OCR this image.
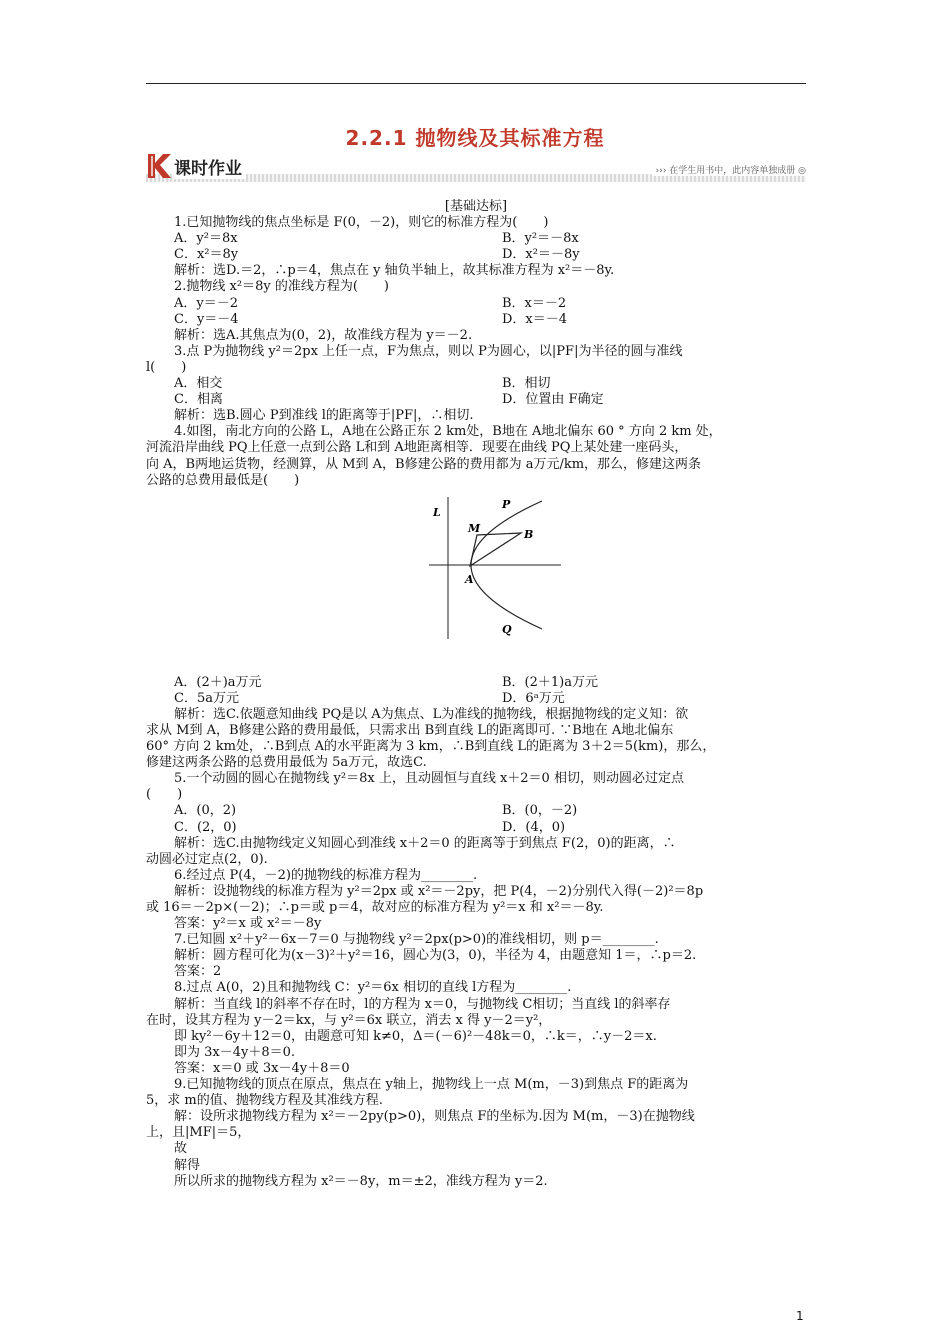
2.2.1 抛物线及其标准方程
课时作业	››› 在学生用书中，此内容单独成册 ◎
[基础达标]
1.已知抛物线的焦点坐标是 F(0，－2)，则它的标准方程为(　　)
A．y²＝8x	B．y²＝－8x
C．x²＝8y	D．x²＝－8y
解析：选D.＝2，∴p＝4，焦点在 y 轴负半轴上，故其标准方程为 x²＝－8y.
2.抛物线 x²＝8y 的准线方程为(　　)
A．y＝－2	B．x＝－2
C．y＝－4	D．x＝－4
解析：选A.其焦点为(0，2)，故准线方程为 y＝－2.
3.点 P为抛物线 y²＝2px 上任一点，F为焦点，则以 P为圆心，以|PF|为半径的圆与准线
l(　　)
A．相交	B．相切
C．相离	D．位置由 F确定
解析：选B.圆心 P到准线 l的距离等于|PF|，∴相切.
4.如图，南北方向的公路 L，A地在公路正东 2 km处，B地在 A地北偏东 60 ° 方向 2 km 处，
河流沿岸曲线 PQ上任意一点到公路 L和到 A地距离相等．现要在曲线 PQ上某处建一座码头，
向 A，B两地运货物，经测算，从 M到 A，B修建公路的费用都为 a万元/km，那么，修建这两条
公路的总费用最低是(　　)
L
P
M	B
A
Q
A．(2＋)a万元	B．(2＋1)a万元
C．5a万元	D．6ᵃ万元
解析：选C.依题意知曲线 PQ是以 A为焦点、L为准线的抛物线，根据抛物线的定义知：欲
求从 M到 A，B修建公路的费用最低，只需求出 B到直线 L的距离即可. ∵B地在 A地北偏东
60° 方向 2 km处，∴B到点 A的水平距离为 3 km，∴B到直线 L的距离为 3＋2＝5(km)，那么，
修建这两条公路的总费用最低为 5a万元，故选C.
5.一个动圆的圆心在抛物线 y²＝8x 上，且动圆恒与直线 x＋2＝0 相切，则动圆必过定点
(　　)
A．(0，2)	B．(0，－2)
C．(2，0)	D．(4，0)
解析：选C.由抛物线定义知圆心到准线 x＋2＝0 的距离等于到焦点 F(2，0)的距离，∴
动圆必过定点(2，0).
6.经过点 P(4，－2)的抛物线的标准方程为________.
解析：设抛物线的标准方程为 y²＝2px 或 x²＝－2py，把 P(4，－2)分别代入得(－2)²＝8p
或 16＝－2p×(－2)；∴p＝或 p＝4，故对应的标准方程为 y²＝x 和 x²＝－8y.
答案：y²＝x 或 x²＝－8y
7.已知圆 x²＋y²－6x－7＝0 与抛物线 y²＝2px(p>0)的准线相切，则 p＝________.
解析：圆方程可化为(x－3)²＋y²＝16，圆心为(3，0)，半径为 4，由题意知 1＝，∴p＝2.
答案：2
8.过点 A(0，2)且和抛物线 C：y²＝6x 相切的直线 l方程为________.
解析：当直线 l的斜率不存在时，l的方程为 x＝0，与抛物线 C相切；当直线 l的斜率存
在时，设其方程为 y－2＝kx，与 y²＝6x 联立，消去 x 得 y－2＝y²，
即 ky²－6y＋12＝0，由题意可知 k≠0，Δ＝(－6)²－48k＝0，∴k＝，∴y－2＝x.
即为 3x－4y＋8＝0.
答案：x＝0 或 3x－4y＋8＝0
9.已知抛物线的顶点在原点，焦点在 y轴上，抛物线上一点 M(m，－3)到焦点 F的距离为
5，求 m的值、抛物线方程及其准线方程.
解：设所求抛物线方程为 x²＝－2py(p>0)，则焦点 F的坐标为.因为 M(m，－3)在抛物线
上，且|MF|＝5，
故
解得
所以所求的抛物线方程为 x²＝－8y，m＝±2，准线方程为 y＝2.
1
